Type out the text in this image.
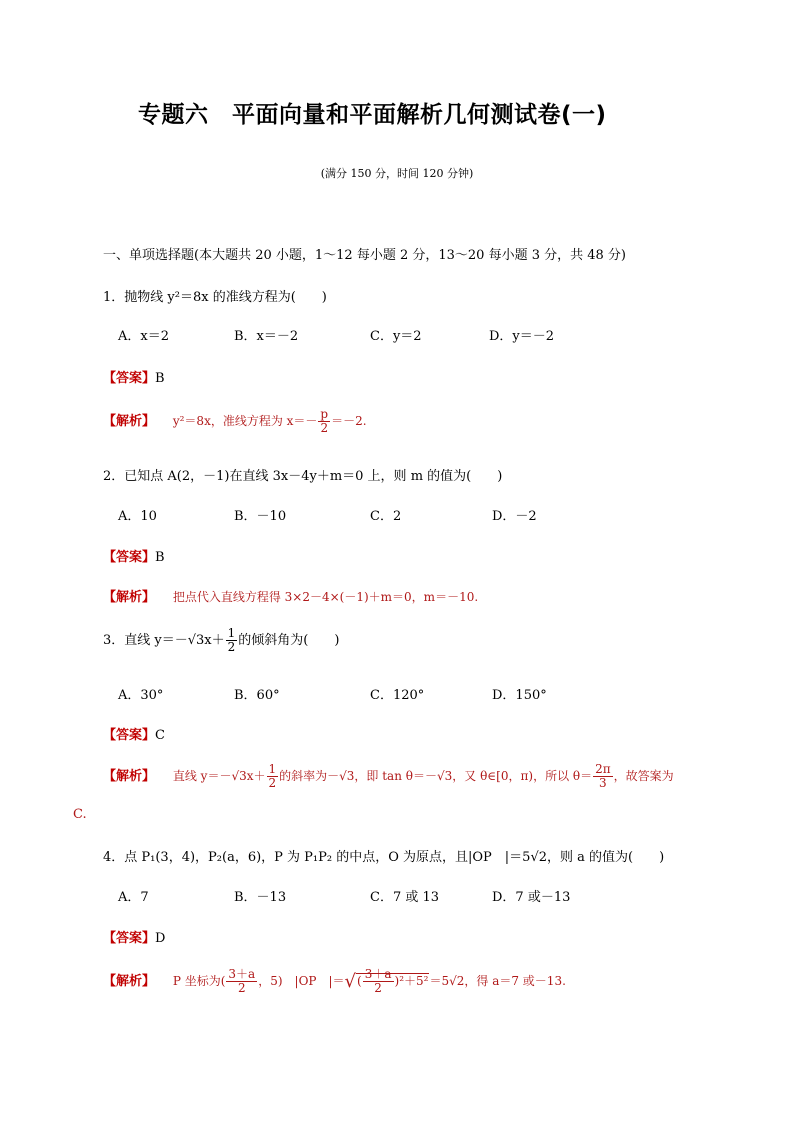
专题六　平面向量和平面解析几何测试卷(一)
(满分 150 分，时间 120 分钟)
一、单项选择题(本大题共 20 小题，1～12 每小题 2 分，13～20 每小题 3 分，共 48 分)
1．抛物线 y²＝8x 的准线方程为(　　)
A．x＝2	B．x＝－2	C．y＝2	D．y＝－2
【答案】B
【解析】 y²＝8x，准线方程为 $x=- \frac{p}{2} =-2$.
2．已知点 A(2，－1)在直线 3x－4y＋m＝0 上，则 m 的值为(　　)
A．10	B．－10	C．2	D．－2
【答案】B
【解析】 把点代入直线方程得 3×2－4×(－1)＋m＝0，m＝－10.
3．直线 $y=-√3x+ \frac{1}{2}$ 的倾斜角为(　　)
A．30°	B．60°	C．120°	D．150°
【答案】C
【解析】 直线 $y=-√3x+ \frac{1}{2}$ 的斜率为－√3，即 tan θ＝－√3，又 θ∈[0，π)，所以 $\theta= \frac{2\pi}{3}$ ，故答案为
C.
4．点 P₁(3，4)，P₂(a，6)，P 为 P₁P₂ 的中点，O 为原点，且|OP　|＝5√2，则 a 的值为(　　)
A．7	B．－13	C．7 或 13	D．7 或－13
【答案】D
【解析】 P 坐标为( $\frac{3+a}{2}$ ，5)　|OP　|＝√( $\frac{3+a}{2} )^2+5^2=5√2$，得 a＝7 或－13.
